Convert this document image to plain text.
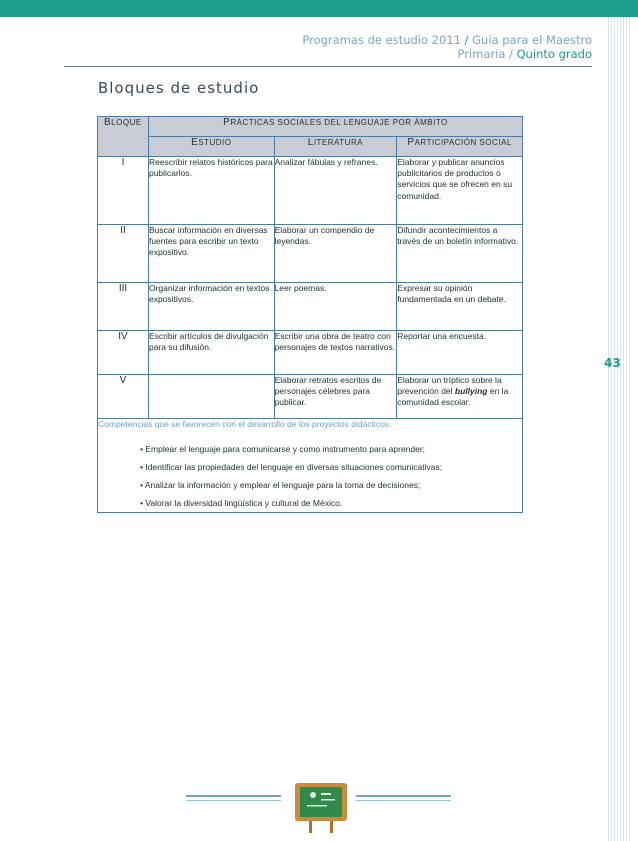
Programas de estudio 2011 / Guía para el Maestro
Primaria / Quinto grado
Bloques de estudio
43
BLOQUE	PRÁCTICAS SOCIALES DEL LENGUAJE POR ÁMBITO		
	ESTUDIO	LITERATURA	PARTICIPACIÓN SOCIAL
I	Reescribir relatos históricos para publicarlos.	Analizar fábulas y refranes.	Elaborar y publicar anuncios publicitarios de productos o servicios que se ofrecen en su comunidad.
II	Buscar información en diversas fuentes para escribir un texto expositivo.	Elaborar un compendio de leyendas.	Difundir acontecimientos a través de un boletín informativo.
III	Organizar información en textos expositivos.	Leer poemas.	Expresar su opinión fundamentada en un debate.
IV	Escribir artículos de divulgación para su difusión.	Escribir una obra de teatro con personajes de textos narrativos.	Reportar una encuesta.
V		Elaborar retratos escritos de personajes célebres para publicar.	Elaborar un tríptico sobre la prevención del bullying en la comunidad escolar.

Competencias que se favorecen con el desarrollo de los proyectos didácticos:
• Emplear el lenguaje para comunicarse y como instrumento para aprender;
• Identificar las propiedades del lenguaje en diversas situaciones comunicativas;
• Analizar la información y emplear el lenguaje para la toma de decisiones;
• Valorar la diversidad lingüística y cultural de México.			
